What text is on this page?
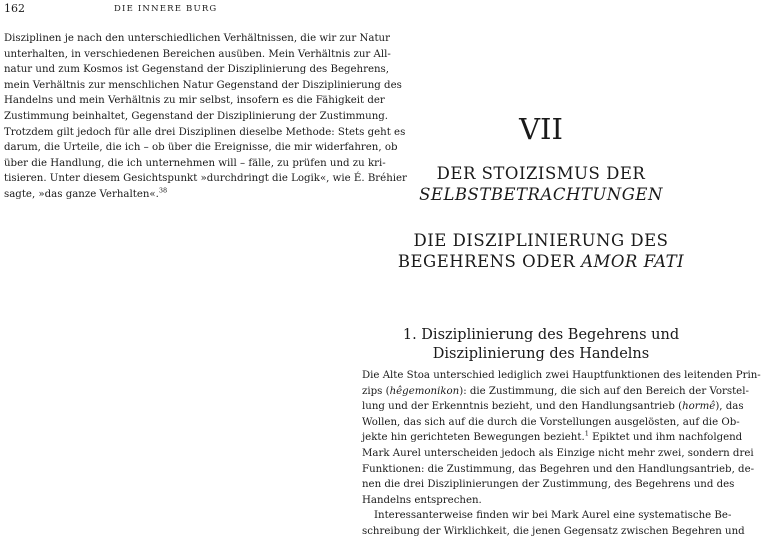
162	DIE INNERE BURG
Disziplinen je nach den unterschiedlichen Verhältnissen, die wir zur Natur
unterhalten, in verschiedenen Bereichen ausüben. Mein Verhältnis zur All-
natur und zum Kosmos ist Gegenstand der Disziplinierung des Begehrens,
mein Verhältnis zur menschlichen Natur Gegenstand der Disziplinierung des
Handelns und mein Verhältnis zu mir selbst, insofern es die Fähigkeit der
Zustimmung beinhaltet, Gegenstand der Disziplinierung der Zustimmung.
Trotzdem gilt jedoch für alle drei Disziplinen dieselbe Methode: Stets geht es
darum, die Urteile, die ich – ob über die Ereignisse, die mir widerfahren, ob
über die Handlung, die ich unternehmen will – fälle, zu prüfen und zu kri-
tisieren. Unter diesem Gesichtspunkt »durchdringt die Logik«, wie É. Bréhier
sagte, »das ganze Verhalten«.$^{38}$
VII
DER STOIZISMUS DER
SELBSTBETRACHTUNGEN
DIE DISZIPLINIERUNG DES
BEGEHRENS ODER AMOR FATI
1. Disziplinierung des Begehrens und
Disziplinierung des Handelns
Die Alte Stoa unterschied lediglich zwei Hauptfunktionen des leitenden Prin-
zips (hêgemonikon): die Zustimmung, die sich auf den Bereich der Vorstel-
lung und der Erkenntnis bezieht, und den Handlungsantrieb (hormê), das
Wollen, das sich auf die durch die Vorstellungen ausgelösten, auf die Ob-
jekte hin gerichteten Bewegungen bezieht.$^1$ Epiktet und ihm nachfolgend
Mark Aurel unterscheiden jedoch als Einzige nicht mehr zwei, sondern drei
Funktionen: die Zustimmung, das Begehren und den Handlungsantrieb, de-
nen die drei Disziplinierungen der Zustimmung, des Begehrens und des
Handelns entsprechen.
Interessanterweise finden wir bei Mark Aurel eine systematische Be-
schreibung der Wirklichkeit, die jenen Gegensatz zwischen Begehren und
